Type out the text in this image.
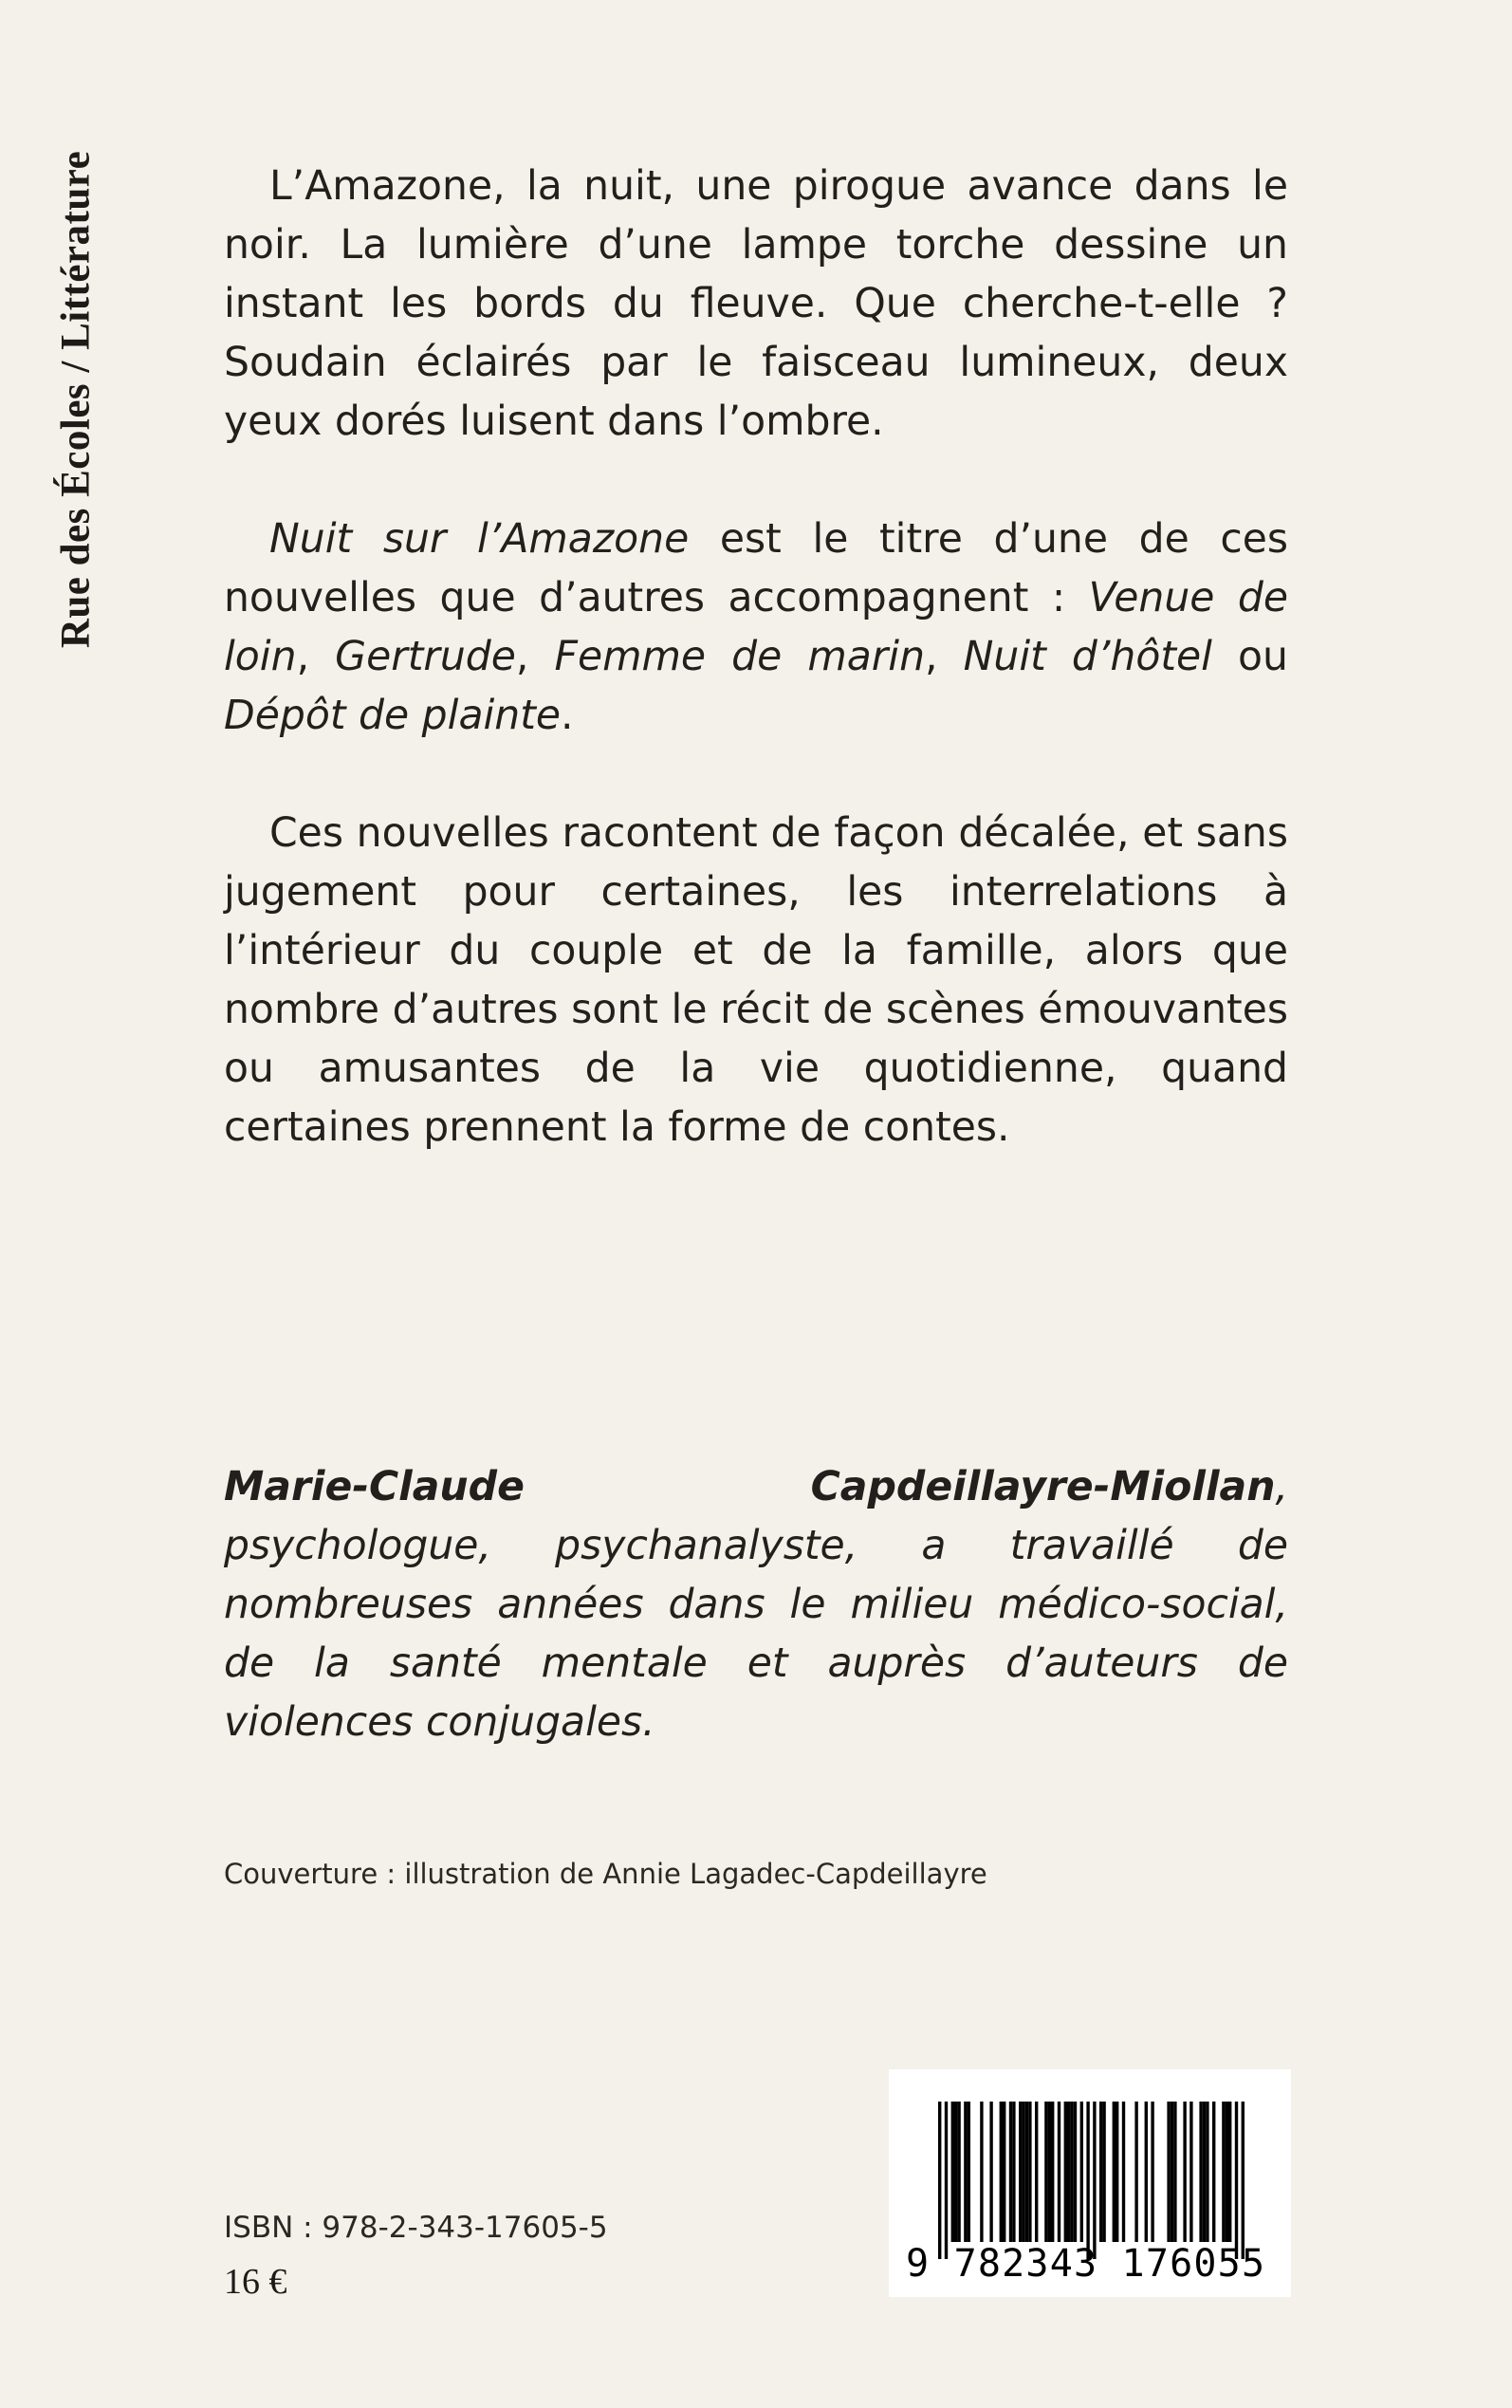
Rue des Écoles / Littérature	L’Amazone, la nuit, une pirogue avance dans le noir. La lumière d’une lampe torche dessine un instant les bords du fleuve. Que cherche-t-elle ? Soudain éclairés par le faisceau lumineux, deux yeux dorés luisent dans l’ombre.

Nuit sur l’Amazone est le titre d’une de ces nouvelles que d’autres accompagnent : Venue de loin, Gertrude, Femme de marin, Nuit d’hôtel ou Dépôt de plainte.

Ces nouvelles racontent de façon décalée, et sans jugement pour certaines, les interrelations à l’intérieur du couple et de la famille, alors que nombre d’autres sont le récit de scènes émouvantes ou amusantes de la vie quotidienne, quand certaines prennent la forme de contes.

Marie-Claude Capdeillayre-Miollan, psychologue, psychanalyste, a travaillé de nombreuses années dans le milieu médico-social, de la santé mentale et auprès d’auteurs de violences conjugales.

Couverture : illustration de Annie Lagadec-Capdeillayre
ISBN : 978-2-343-17605-5
16 €	9 782343 176055
